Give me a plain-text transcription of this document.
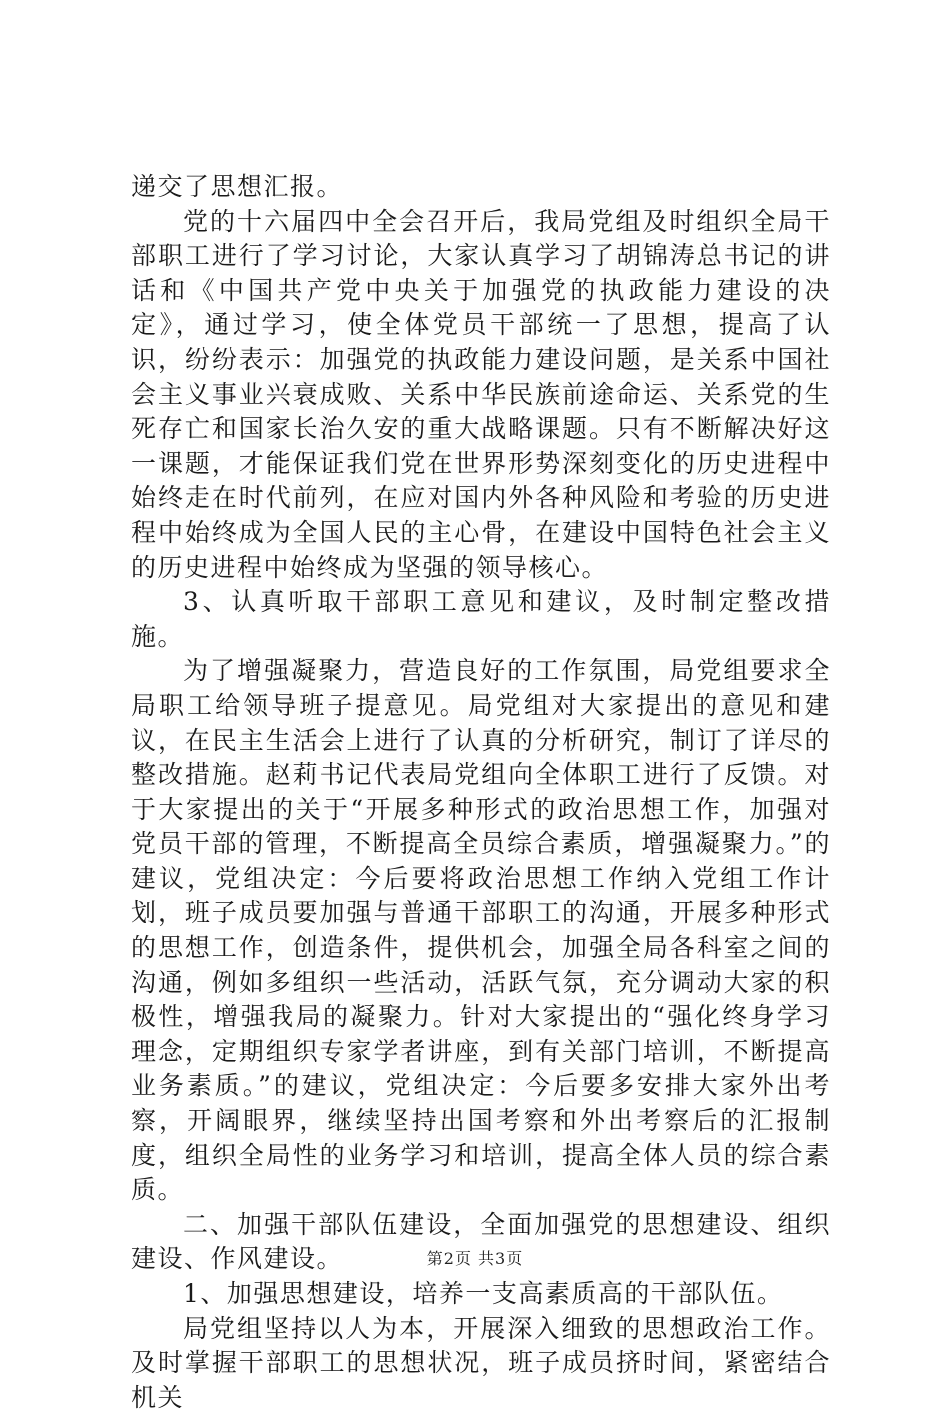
递交了思想汇报。

党的十六届四中全会召开后，我局党组及时组织全局干部职工进行了学习讨论，大家认真学习了胡锦涛总书记的讲话和《中国共产党中央关于加强党的执政能力建设的决定》，通过学习，使全体党员干部统一了思想，提高了认识，纷纷表示：加强党的执政能力建设问题，是关系中国社会主义事业兴衰成败、关系中华民族前途命运、关系党的生死存亡和国家长治久安的重大战略课题。只有不断解决好这一课题，才能保证我们党在世界形势深刻变化的历史进程中始终走在时代前列，在应对国内外各种风险和考验的历史进程中始终成为全国人民的主心骨，在建设中国特色社会主义的历史进程中始终成为坚强的领导核心。

3、认真听取干部职工意见和建议，及时制定整改措施。

为了增强凝聚力，营造良好的工作氛围，局党组要求全局职工给领导班子提意见。局党组对大家提出的意见和建议，在民主生活会上进行了认真的分析研究，制订了详尽的整改措施。赵莉书记代表局党组向全体职工进行了反馈。对于大家提出的关于“开展多种形式的政治思想工作，加强对党员干部的管理，不断提高全员综合素质，增强凝聚力。”的建议，党组决定：今后要将政治思想工作纳入党组工作计划，班子成员要加强与普通干部职工的沟通，开展多种形式的思想工作，创造条件，提供机会，加强全局各科室之间的沟通，例如多组织一些活动，活跃气氛，充分调动大家的积极性，增强我局的凝聚力。针对大家提出的“强化终身学习理念，定期组织专家学者讲座，到有关部门培训，不断提高业务素质。”的建议，党组决定：今后要多安排大家外出考察，开阔眼界，继续坚持出国考察和外出考察后的汇报制度，组织全局性的业务学习和培训，提高全体人员的综合素质。

二、加强干部队伍建设，全面加强党的思想建设、组织建设、作风建设。

1、加强思想建设，培养一支高素质高的干部队伍。

局党组坚持以人为本，开展深入细致的思想政治工作。及时掌握干部职工的思想状况，班子成员挤时间，紧密结合机关

第2页 共3页
